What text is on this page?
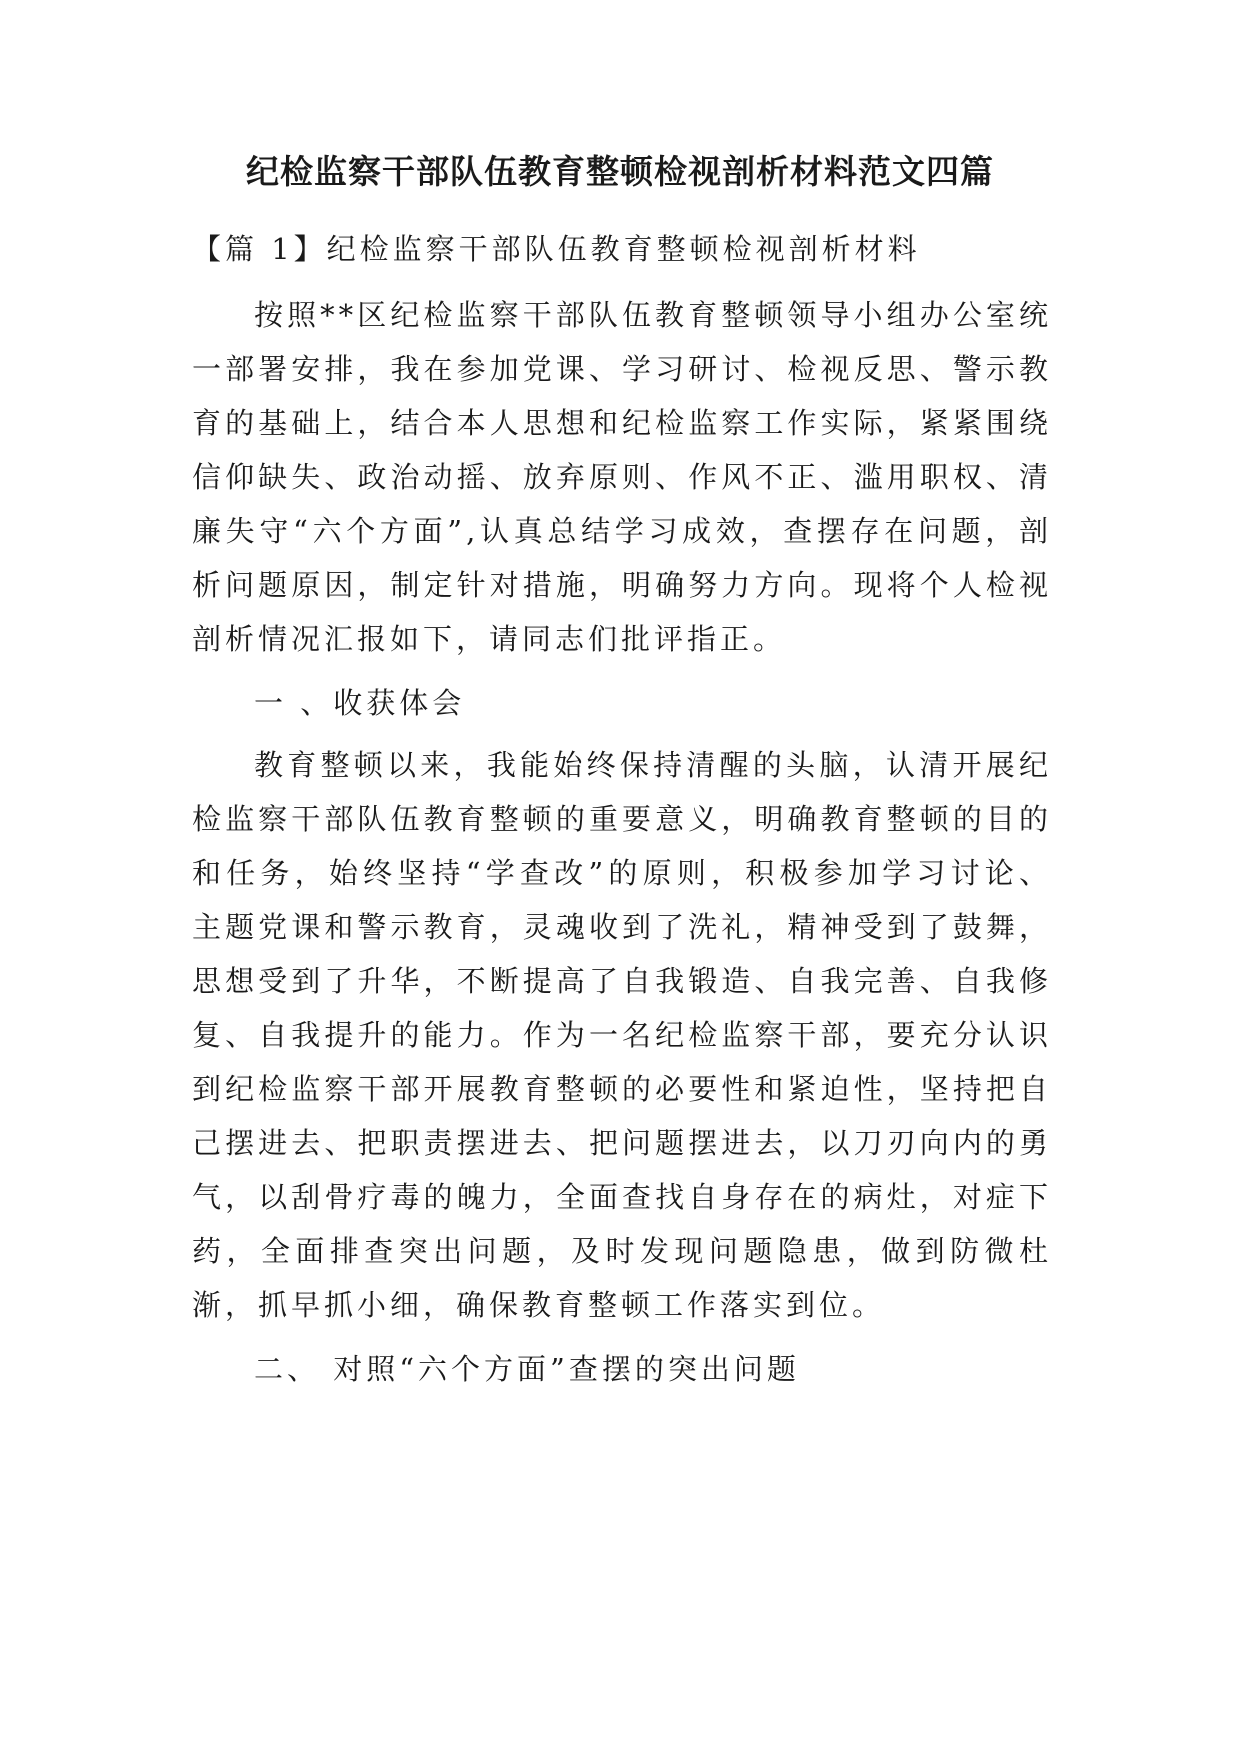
纪检监察干部队伍教育整顿检视剖析材料范文四篇

【篇 1】纪检监察干部队伍教育整顿检视剖析材料

按照**区纪检监察干部队伍教育整顿领导小组办公室统一部署安排，我在参加党课、学习研讨、检视反思、警示教育的基础上，结合本人思想和纪检监察工作实际，紧紧围绕信仰缺失、政治动摇、放弃原则、作风不正、滥用职权、清廉失守“六个方面”,认真总结学习成效，查摆存在问题，剖析问题原因，制定针对措施，明确努力方向。现将个人检视剖析情况汇报如下，请同志们批评指正。

一 、收获体会

教育整顿以来，我能始终保持清醒的头脑，认清开展纪检监察干部队伍教育整顿的重要意义，明确教育整顿的目的和任务，始终坚持“学查改”的原则，积极参加学习讨论、主题党课和警示教育，灵魂收到了洗礼，精神受到了鼓舞，思想受到了升华，不断提高了自我锻造、自我完善、自我修复、自我提升的能力。作为一名纪检监察干部，要充分认识到纪检监察干部开展教育整顿的必要性和紧迫性，坚持把自己摆进去、把职责摆进去、把问题摆进去，以刀刃向内的勇气，以刮骨疗毒的魄力，全面查找自身存在的病灶，对症下药，全面排查突出问题，及时发现问题隐患，做到防微杜渐，抓早抓小细，确保教育整顿工作落实到位。

二、 对照“六个方面”查摆的突出问题
